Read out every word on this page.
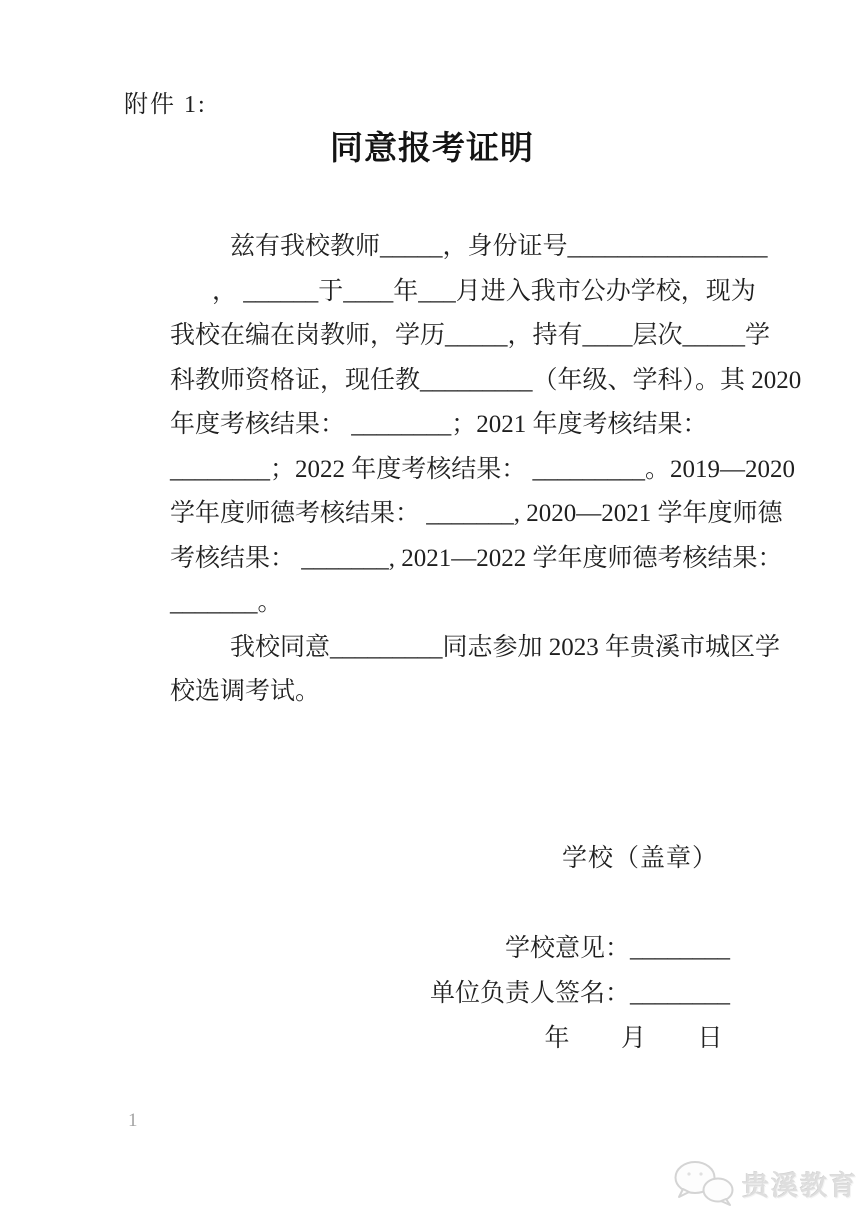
附件 1:
同意报考证明
兹有我校教师_____，身份证号________________
， ______于____年___月进入我市公办学校，现为
我校在编在岗教师，学历_____，持有____层次_____学
科教师资格证，现任教_________（年级、学科）。其 2020
年度考核结果： ________；2021 年度考核结果：
________；2022 年度考核结果： _________。2019—2020
学年度师德考核结果： _______, 2020—2021 学年度师德
考核结果： _______, 2021—2022 学年度师德考核结果：
_______。
我校同意_________同志参加 2023 年贵溪市城区学
校选调考试。
学校（盖章）
学校意见：________
单位负责人签名：________
年　　月　　日
1
贵溪教育
